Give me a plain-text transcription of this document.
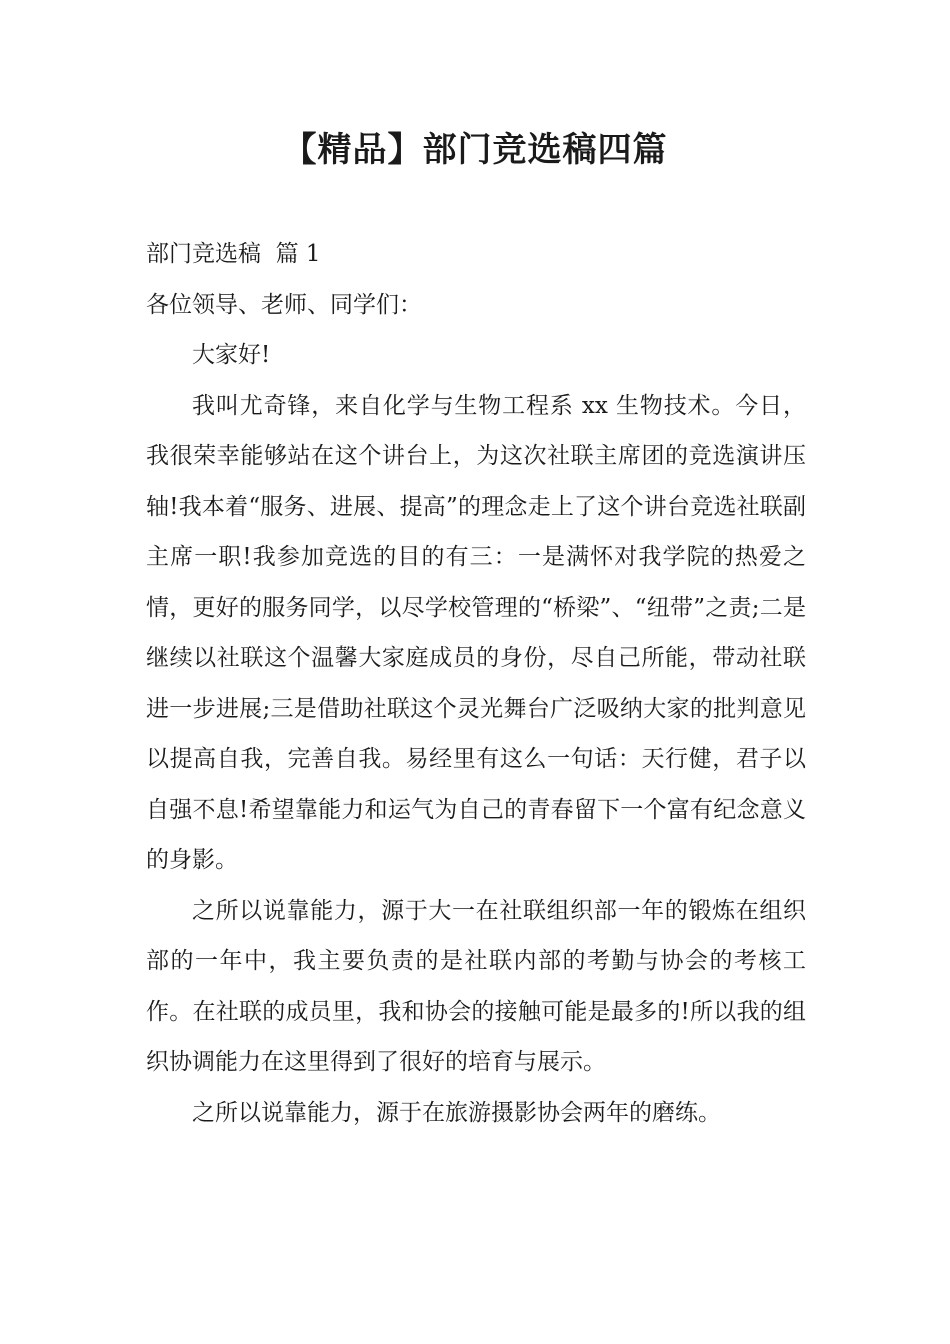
【精品】部门竞选稿四篇

部门竞选稿  篇 1

各位领导、老师、同学们：

大家好!

我叫尤奇锋，来自化学与生物工程系 xx 生物技术。今日，我很荣幸能够站在这个讲台上，为这次社联主席团的竞选演讲压轴!我本着“服务、进展、提高”的理念走上了这个讲台竞选社联副主席一职!我参加竞选的目的有三：一是满怀对我学院的热爱之情，更好的服务同学，以尽学校管理的“桥梁”、“纽带”之责;二是继续以社联这个温馨大家庭成员的身份，尽自己所能，带动社联进一步进展;三是借助社联这个灵光舞台广泛吸纳大家的批判意见以提高自我，完善自我。易经里有这么一句话：天行健，君子以自强不息!希望靠能力和运气为自己的青春留下一个富有纪念意义的身影。

之所以说靠能力，源于大一在社联组织部一年的锻炼在组织部的一年中，我主要负责的是社联内部的考勤与协会的考核工作。在社联的成员里，我和协会的接触可能是最多的!所以我的组织协调能力在这里得到了很好的培育与展示。

之所以说靠能力，源于在旅游摄影协会两年的磨练。
